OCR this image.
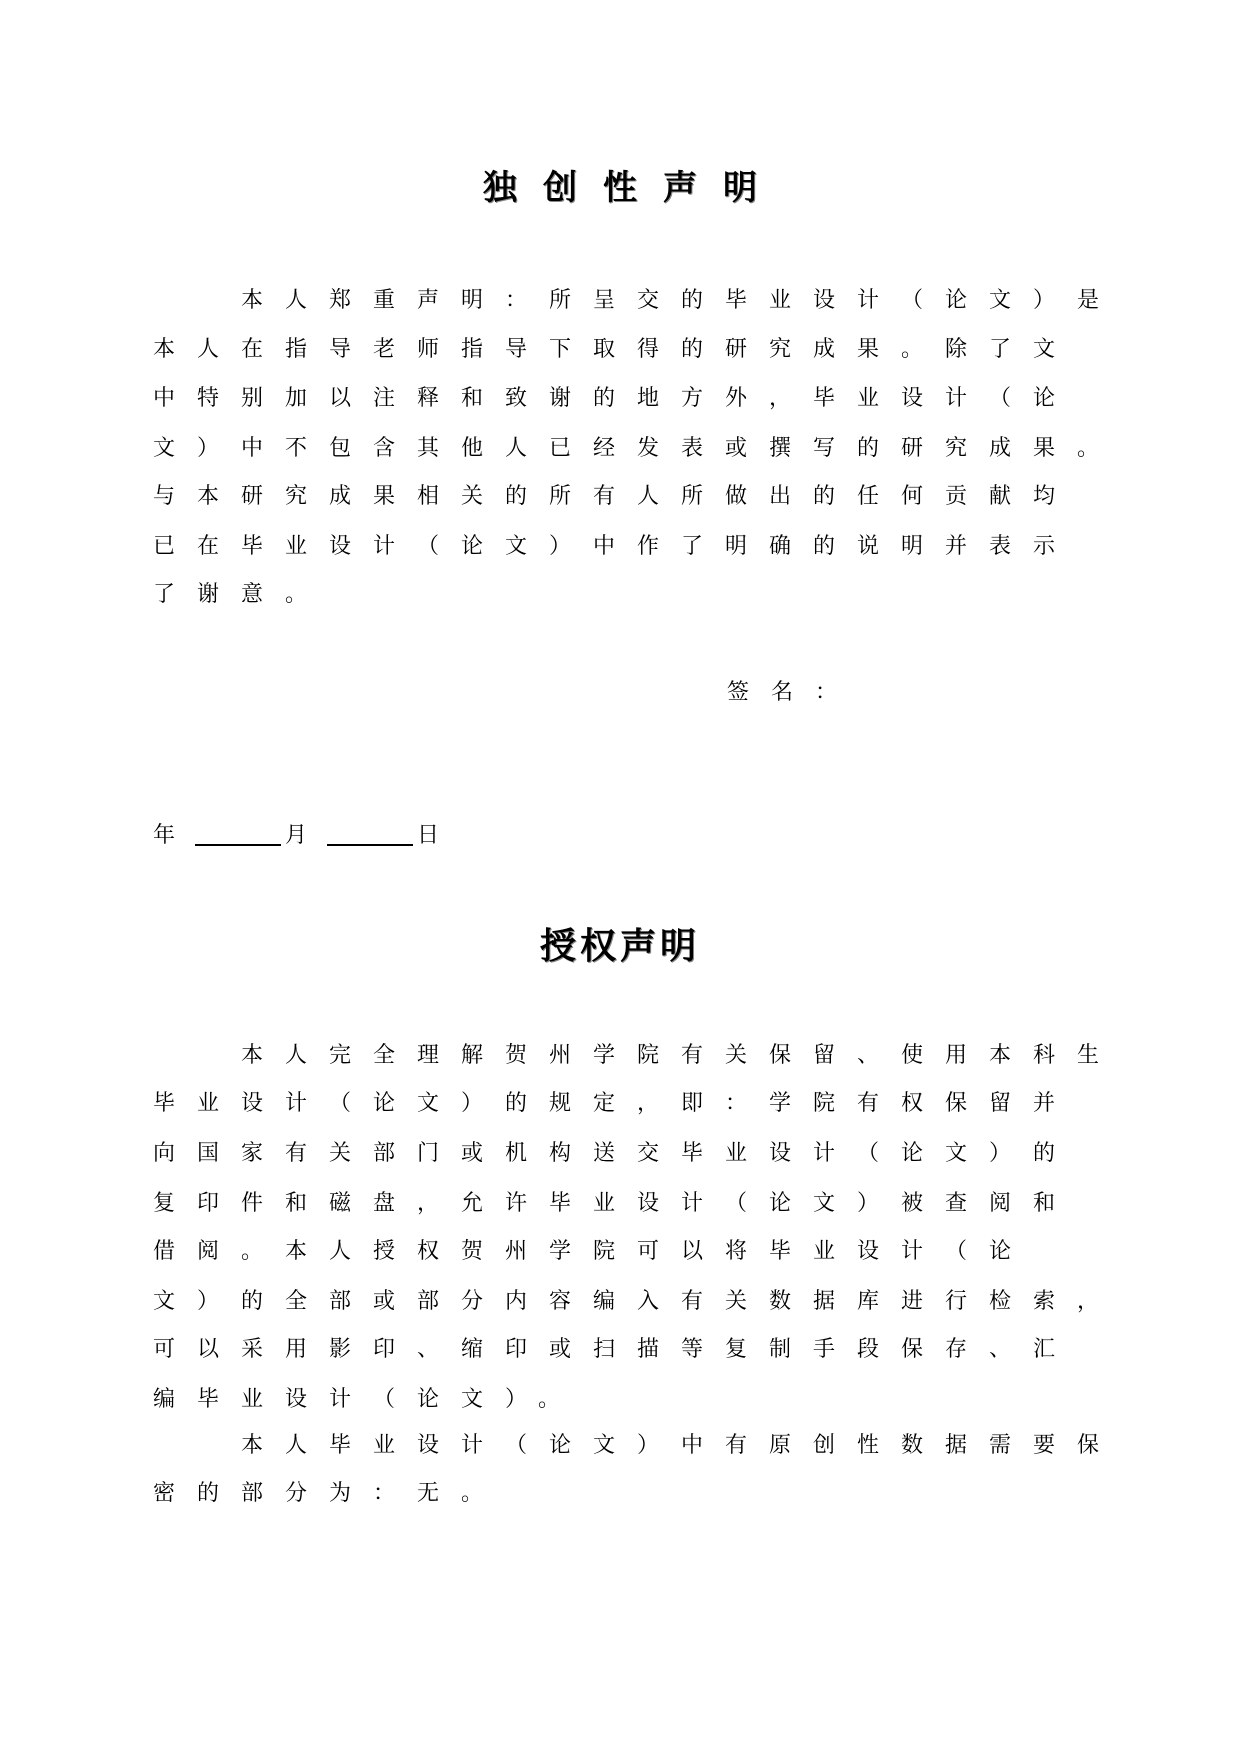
独创性声明
本人郑重声明：所呈交的毕业设计（论文）是
本人在指导老师指导下取得的研究成果。除了文
中特别加以注释和致谢的地方外，毕业设计（论
文）中不包含其他人已经发表或撰写的研究成果。
与本研究成果相关的所有人所做出的任何贡献均
已在毕业设计（论文）中作了明确的说明并表示
了谢意。
签名：
年	月	日
授权声明
本人完全理解贺州学院有关保留、使用本科生
毕业设计（论文）的规定，即：学院有权保留并
向国家有关部门或机构送交毕业设计（论文）的
复印件和磁盘，允许毕业设计（论文）被查阅和
借阅。本人授权贺州学院可以将毕业设计（论
文）的全部或部分内容编入有关数据库进行检索，
可以采用影印、缩印或扫描等复制手段保存、汇
编毕业设计（论文）。
本人毕业设计（论文）中有原创性数据需要保
密的部分为：无。
